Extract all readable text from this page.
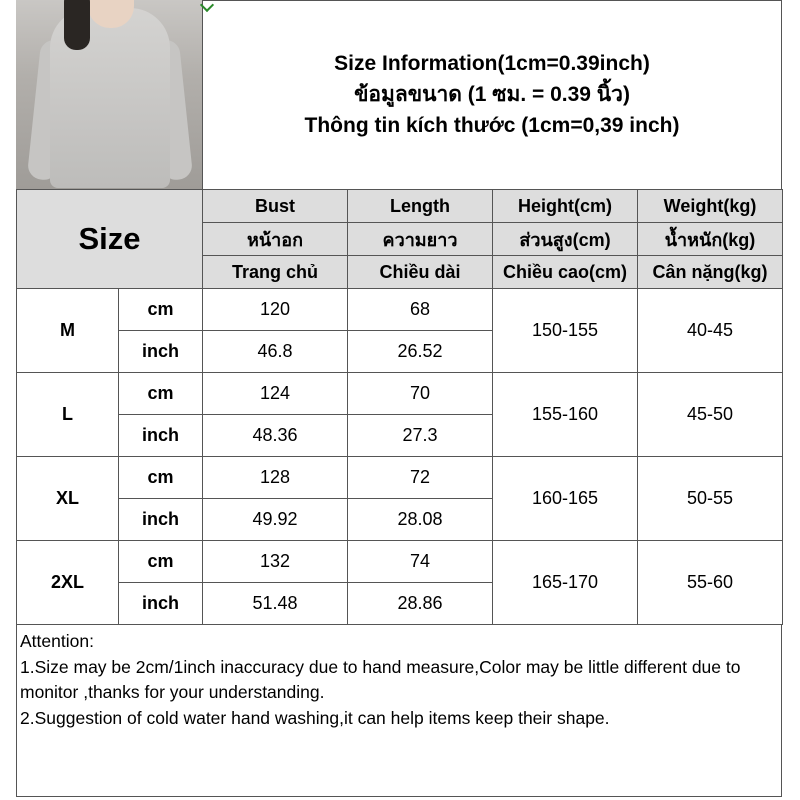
Size Information(1cm=0.39inch)
ข้อมูลขนาด (1 ซม. = 0.39 นิ้ว)
Thông tin kích thước (1cm=0,39 inch)
Size		Bust	Length	Height(cm)	Weight(kg)
		หน้าอก	ความยาว	ส่วนสูง(cm)	น้ำหนัก(kg)
		Trang chủ	Chiều dài	Chiều cao(cm)	Cân nặng(kg)
M	cm	120	68	150-155	40-45
	inch	46.8	26.52		
L	cm	124	70	155-160	45-50
	inch	48.36	27.3		
XL	cm	128	72	160-165	50-55
	inch	49.92	28.08		
2XL	cm	132	74	165-170	55-60
	inch	51.48	28.86		
Attention:
1.Size may be 2cm/1inch inaccuracy due to hand measure,Color may be little different due to monitor ,thanks for your understanding.
2.Suggestion of cold water hand washing,it can help items keep their shape.
